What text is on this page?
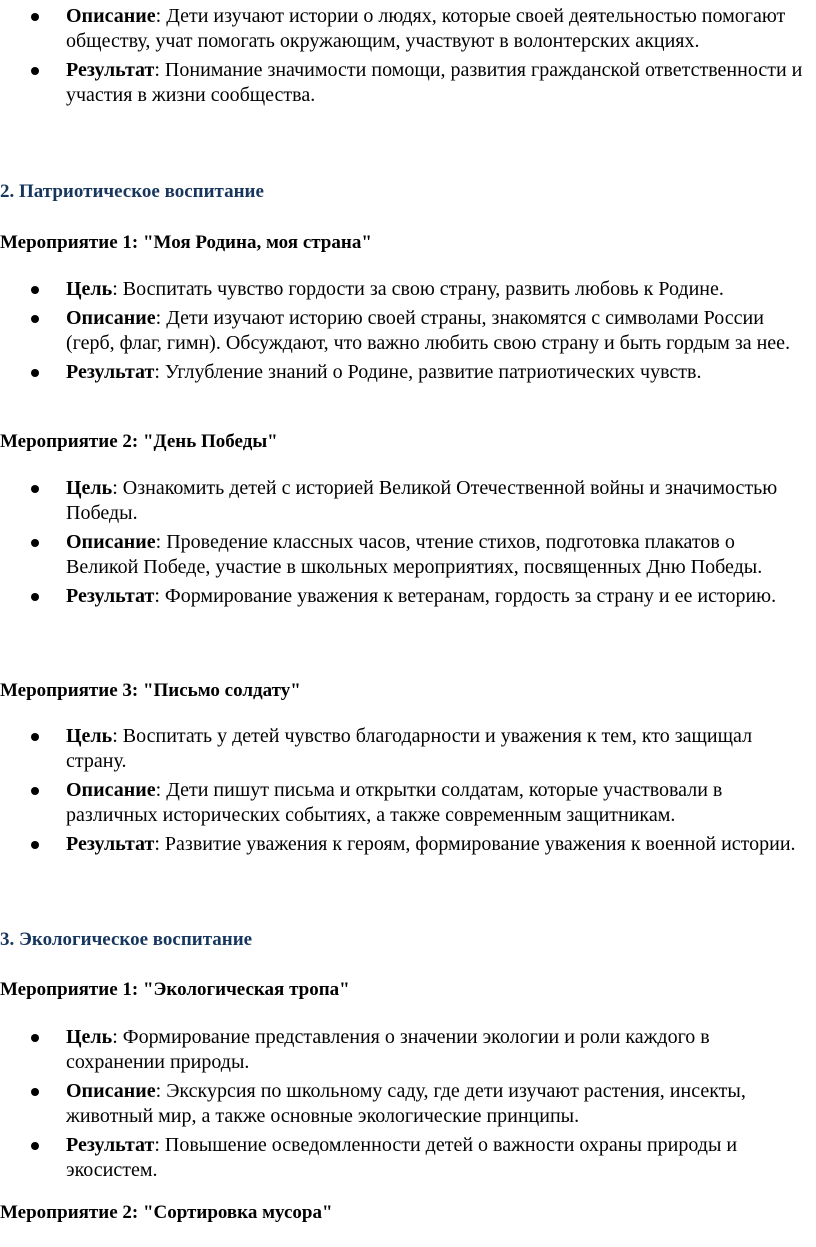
Описание: Дети изучают истории о людях, которые своей деятельностью помогают обществу, учат помогать окружающим, участвуют в волонтерских акциях.
Результат: Понимание значимости помощи, развития гражданской ответственности и участия в жизни сообщества.
2. Патриотическое воспитание
Мероприятие 1: "Моя Родина, моя страна"
Цель: Воспитать чувство гордости за свою страну, развить любовь к Родине.
Описание: Дети изучают историю своей страны, знакомятся с символами России (герб, флаг, гимн). Обсуждают, что важно любить свою страну и быть гордым за нее.
Результат: Углубление знаний о Родине, развитие патриотических чувств.
Мероприятие 2: "День Победы"
Цель: Ознакомить детей с историей Великой Отечественной войны и значимостью Победы.
Описание: Проведение классных часов, чтение стихов, подготовка плакатов о Великой Победе, участие в школьных мероприятиях, посвященных Дню Победы.
Результат: Формирование уважения к ветеранам, гордость за страну и ее историю.
Мероприятие 3: "Письмо солдату"
Цель: Воспитать у детей чувство благодарности и уважения к тем, кто защищал страну.
Описание: Дети пишут письма и открытки солдатам, которые участвовали в различных исторических событиях, а также современным защитникам.
Результат: Развитие уважения к героям, формирование уважения к военной истории.
3. Экологическое воспитание
Мероприятие 1: "Экологическая тропа"
Цель: Формирование представления о значении экологии и роли каждого в сохранении природы.
Описание: Экскурсия по школьному саду, где дети изучают растения, инсекты, животный мир, а также основные экологические принципы.
Результат: Повышение осведомленности детей о важности охраны природы и экосистем.
Мероприятие 2: "Сортировка мусора"
